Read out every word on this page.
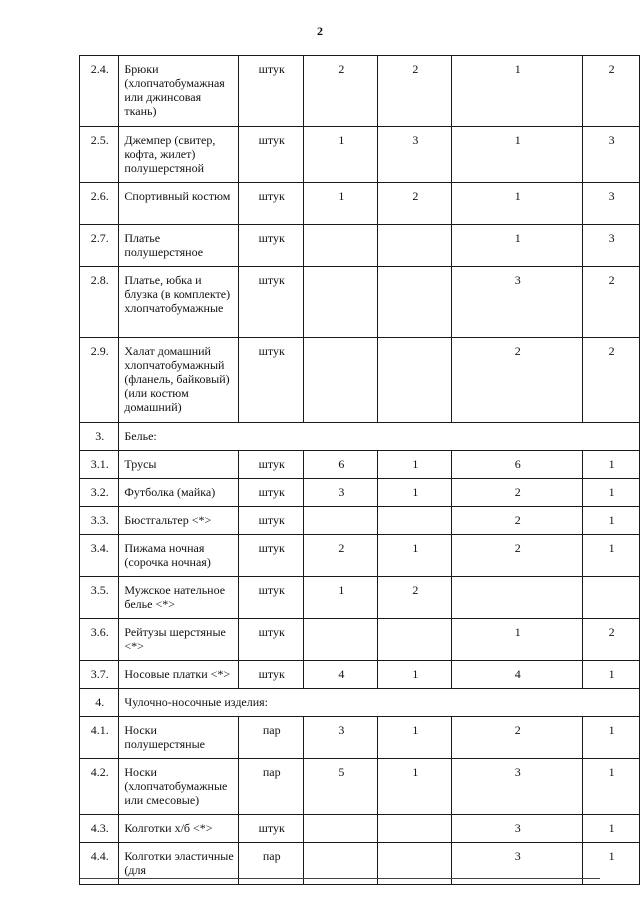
2
2.4.	Брюки (хлопчатобумажная или джинсовая ткань)	штук	2	2	1	2
2.5.	Джемпер (свитер, кофта, жилет) полушерстяной	штук	1	3	1	3
2.6.	Спортивный костюм	штук	1	2	1	3
2.7.	Платье полушерстяное	штук			1	3
2.8.	Платье, юбка и блузка (в комплекте) хлопчатобумажные	штук			3	2
2.9.	Халат домашний хлопчатобумажный (фланель, байковый) (или костюм домашний)	штук			2	2
3.	Белье:					
3.1.	Трусы	штук	6	1	6	1
3.2.	Футболка (майка)	штук	3	1	2	1
3.3.	Бюстгальтер <*>	штук			2	1
3.4.	Пижама ночная (сорочка ночная)	штук	2	1	2	1
3.5.	Мужское нательное белье <*>	штук	1	2		
3.6.	Рейтузы шерстяные <*>	штук			1	2
3.7.	Носовые платки <*>	штук	4	1	4	1
4.	Чулочно-носочные изделия:					
4.1.	Носки полушерстяные	пар	3	1	2	1
4.2.	Носки (хлопчатобумажные или смесовые)	пар	5	1	3	1
4.3.	Колготки х/б <*>	штук			3	1
4.4.	Колготки эластичные (для	пар			3	1
